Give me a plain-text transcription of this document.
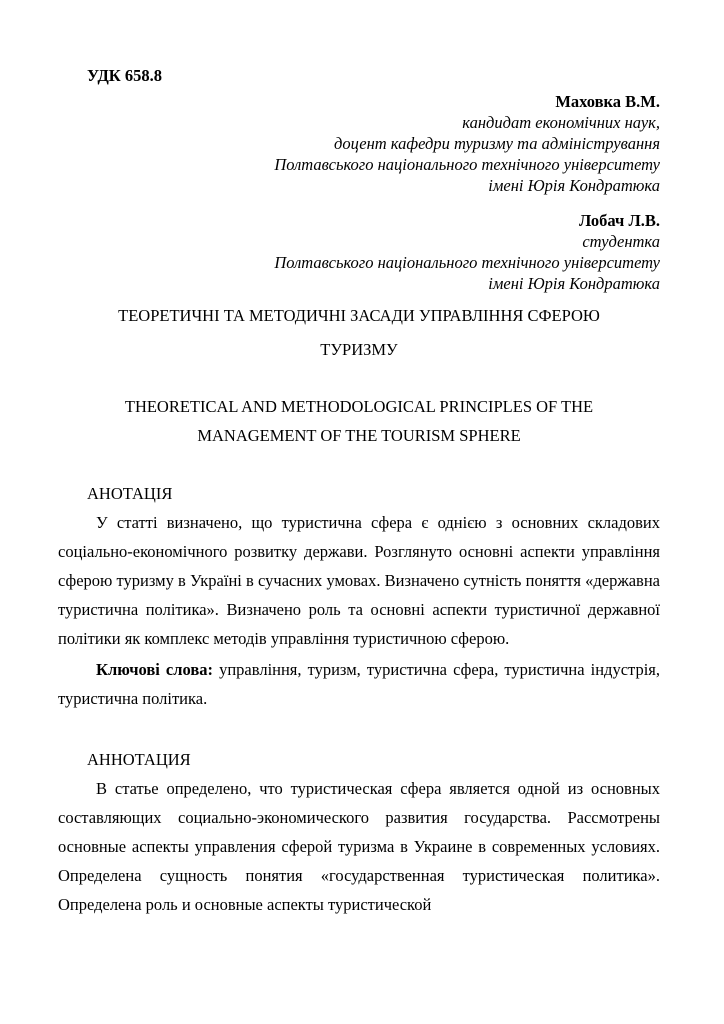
УДК 658.8
Маховка В.М.
кандидат економічних наук,
доцент кафедри туризму та адміністрування
Полтавського національного технічного університету
імені Юрія Кондратюка
Лобач Л.В.
студентка
Полтавського національного технічного університету
імені Юрія Кондратюка
ТЕОРЕТИЧНІ ТА МЕТОДИЧНІ ЗАСАДИ УПРАВЛІННЯ СФЕРОЮ
ТУРИЗМУ
THEORETICAL AND METHODOLOGICAL PRINCIPLES OF THE
MANAGEMENT OF THE TOURISM SPHERE
АНОТАЦІЯ

У статті визначено, що туристична сфера є однією з основних складових соціально-економічного розвитку держави. Розглянуто основні аспекти управління сферою туризму в Україні в сучасних умовах. Визначено сутність поняття «державна туристична політика». Визначено роль та основні аспекти туристичної державної політики як комплекс методів управління туристичною сферою.

Ключові слова: управління, туризм, туристична сфера, туристична індустрія, туристична політика.

АННОТАЦИЯ

В статье определено, что туристическая сфера является одной из основных составляющих социально-экономического развития государства. Рассмотрены основные аспекты управления сферой туризма в Украине в современных условиях. Определена сущность понятия «государственная туристическая политика». Определена роль и основные аспекты туристической
